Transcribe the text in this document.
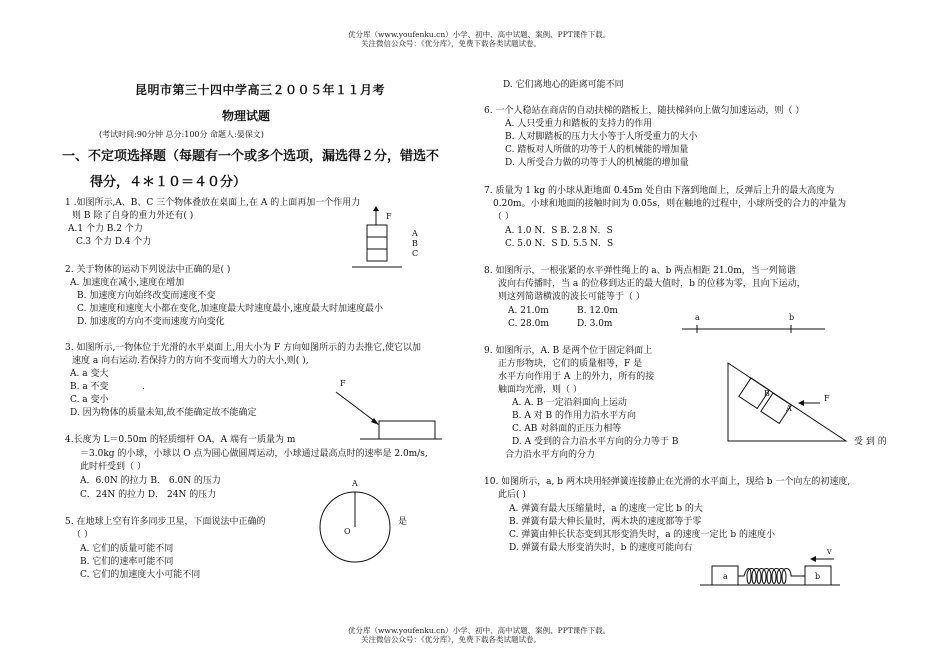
优分库（www.youfenku.cn）小学、初中、高中试题、案例、PPT课件下载。
关注微信公众号：《优分库》，免费下载各类试题试卷。
优分库（www.youfenku.cn）小学、初中、高中试题、案例、PPT课件下载。
关注微信公众号：《优分库》，免费下载各类试题试卷。
昆明市第三十四中学高三２００５年１１月考
物理试题
(考试时间:90分钟 总分:100分 命题人:晏保文)
一、不定项选择题（每题有一个或多个选项，漏选得２分，错选不
得分，４＊１０＝４０分）
1 .如图所示,A、B、C 三个物体叠放在桌面上,在 A 的上面再加一个作用力
则 B 除了自身的重力外还有( )
A.1 个力 B.2 个力
C.3 个力 D.4 个力
F
A
B
C
2. 关于物体的运动下列说法中正确的是( )
A. 加速度在减小,速度在增加
B. 加速度方向始终改变而速度不变
C. 加速度和速度大小都在变化,加速度最大时速度最小,速度最大时加速度最小
D. 加速度的方向不变而速度方向变化
3. 如图所示,一物体位于光滑的水平桌面上,用大小为 F 方向如图所示的力去推它,使它以加
速度 a 向右运动.若保持力的方向不变而增大力的大小,则( ),
A. a 变大
B. a 不变	.
C. a 变小
D. 因为物体的质量未知,故不能确定故不能确定
F
4.长度为 L＝0.50m 的轻质细杆 OA，A 端有一质量为 m
＝3.0kg 的小球，小球以 O 点为圆心做圆周运动，小球通过最高点时的速率是 2.0m/s,
此时杆受到（ ）
A．6.0N 的拉力 B． 6.0N 的压力
C．24N 的拉力 D． 24N 的压力
A
O
5. 在地球上空有许多同步卫星，下面说法中正确的	是
（ ）
A. 它们的质量可能不同
B. 它们的速率可能不同
C. 它们的加速度大小可能不同
D. 它们离地心的距离可能不同
6. 一个人稳站在商店的自动扶梯的踏板上，随扶梯斜向上做匀加速运动，则（ ）
A. 人只受重力和踏板的支持力的作用
B. 人对脚踏板的压力大小等于人所受重力的大小
C. 踏板对人所做的功等于人的机械能的增加量
D. 人所受合力做的功等于人的机械能的增加量
7. 质量为 1 kg 的小球从距地面 0.45m 处自由下落到地面上，反弹后上升的最大高度为
0.20m。小球和地面的接触时间为 0.05s，则在触地的过程中，小球所受的合力的冲量为
（ ）
A. 1.0 N．S B. 2.8 N．S
C. 5.0 N．S D. 5.5 N．S
8. 如图所示，一根张紧的水平弹性绳上的 a、b 两点相距 21.0m，当一列简谐
波向右传播时，当 a 的位移到达正的最大值时，b 的位移为零，且向下运动，
则这列简谐横波的波长可能等于（ ）
A. 21.0m	B. 12.0m
C. 28.0m	D. 3.0m
a	b
9. 如图所示，A. B 是两个位于固定斜面上
正方形物块，它们的质量相等，F 是
水平方向作用于 A 上的外力，所有的接
触面均光滑，则（ ）
A. A. B 一定沿斜面向上运动
B. A 对 B 的作用力沿水平方向
C. AB 对斜面的正压力相等
D. A 受到的合力沿水平方向的分力等于 B	受 到 的
合力沿水平方向的分力
B
A
F
10. 如图所示，a, b 两木块用轻弹簧连接静止在光滑的水平面上，现给 b 一个向左的初速度,
此后( )
A. 弹簧有最大压缩量时，a 的速度一定比 b 的大
B. 弹簧有最大伸长量时，两木块的速度都等于零
C. 弹簧由伸长状态变到其形变消失时，a 的速度一定比 b 的速度小
D. 弹簧有最大形变消失时，b 的速度可能向右	v
a	b
